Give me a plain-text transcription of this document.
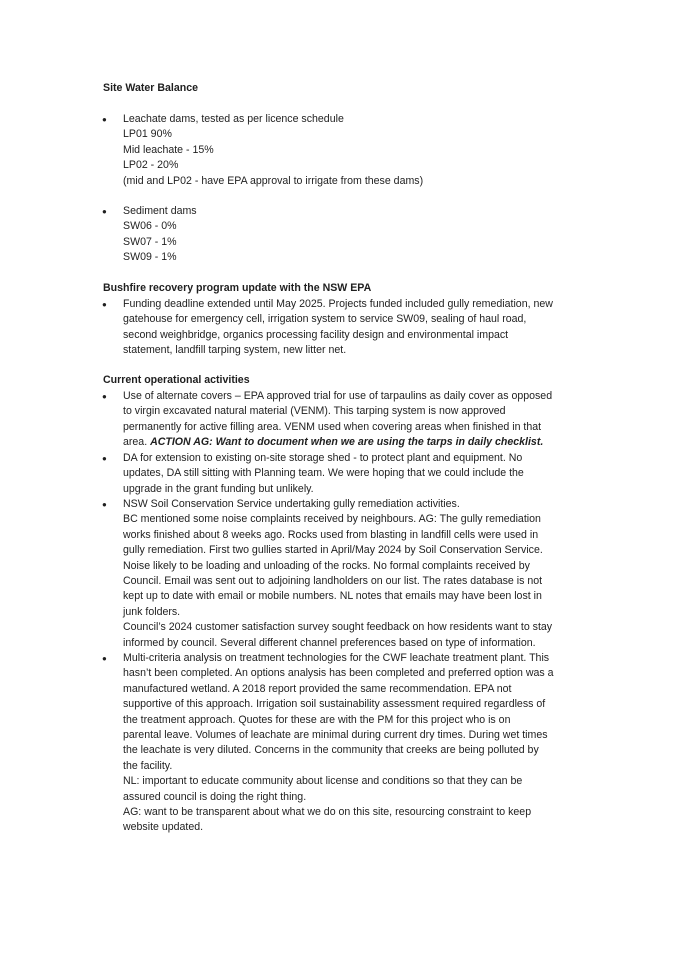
Site Water Balance
● Leachate dams, tested as per licence schedule
LP01 90%
Mid leachate - 15%
LP02 - 20%
(mid and LP02 - have EPA approval to irrigate from these dams)
● Sediment dams
SW06 - 0%
SW07 - 1%
SW09 - 1%
Bushfire recovery program update with the NSW EPA
● Funding deadline extended until May 2025. Projects funded included gully remediation, new
gatehouse for emergency cell, irrigation system to service SW09, sealing of haul road,
second weighbridge, organics processing facility design and environmental impact
statement, landfill tarping system, new litter net.
Current operational activities
● Use of alternate covers – EPA approved trial for use of tarpaulins as daily cover as opposed
to virgin excavated natural material (VENM). This tarping system is now approved
permanently for active filling area. VENM used when covering areas when finished in that
area. ACTION AG: Want to document when we are using the tarps in daily checklist.
● DA for extension to existing on-site storage shed - to protect plant and equipment. No
updates, DA still sitting with Planning team. We were hoping that we could include the
upgrade in the grant funding but unlikely.
● NSW Soil Conservation Service undertaking gully remediation activities.
BC mentioned some noise complaints received by neighbours. AG: The gully remediation
works finished about 8 weeks ago. Rocks used from blasting in landfill cells were used in
gully remediation. First two gullies started in April/May 2024 by Soil Conservation Service.
Noise likely to be loading and unloading of the rocks. No formal complaints received by
Council. Email was sent out to adjoining landholders on our list. The rates database is not
kept up to date with email or mobile numbers. NL notes that emails may have been lost in
junk folders.
Council’s 2024 customer satisfaction survey sought feedback on how residents want to stay
informed by council. Several different channel preferences based on type of information.
● Multi-criteria analysis on treatment technologies for the CWF leachate treatment plant. This
hasn’t been completed. An options analysis has been completed and preferred option was a
manufactured wetland. A 2018 report provided the same recommendation. EPA not
supportive of this approach. Irrigation soil sustainability assessment required regardless of
the treatment approach. Quotes for these are with the PM for this project who is on
parental leave. Volumes of leachate are minimal during current dry times. During wet times
the leachate is very diluted. Concerns in the community that creeks are being polluted by
the facility.
NL: important to educate community about license and conditions so that they can be
assured council is doing the right thing.
AG: want to be transparent about what we do on this site, resourcing constraint to keep
website updated.
